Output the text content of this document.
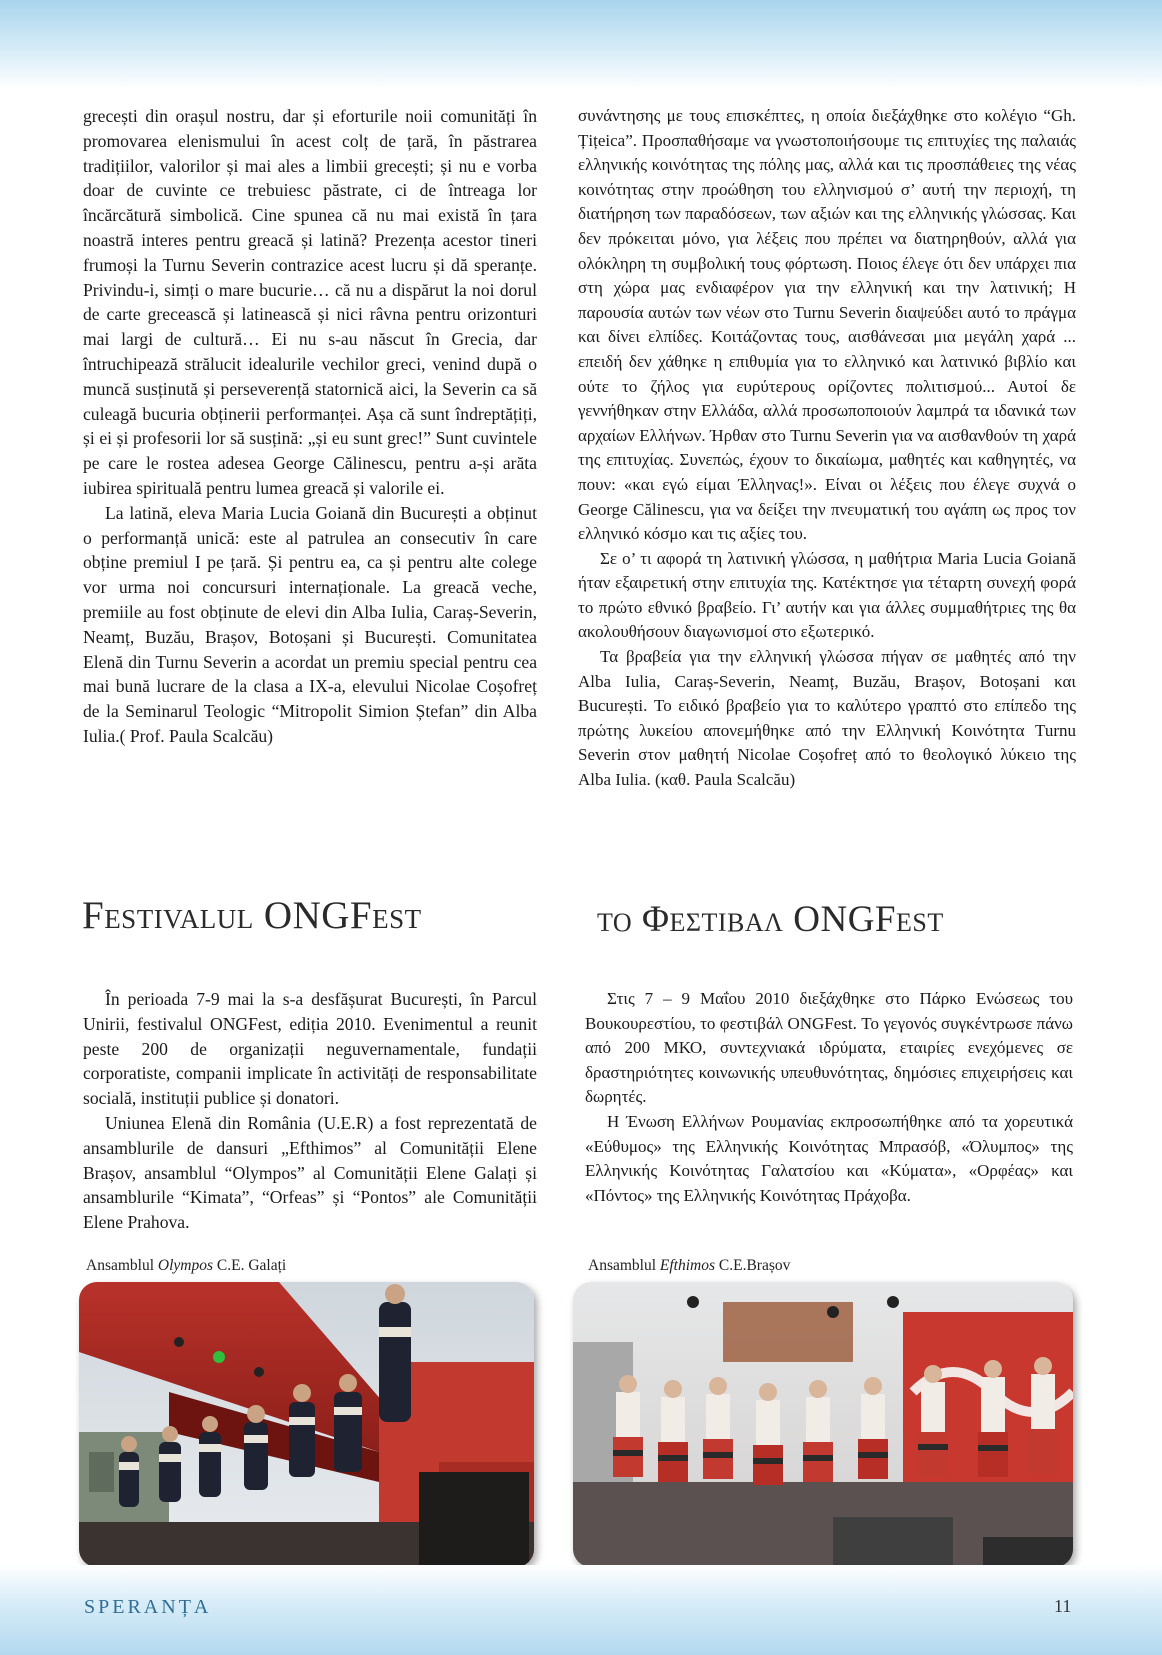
grecești din orașul nostru, dar și eforturile noii comunități în promovarea elenismului în acest colț de țară, în păstrarea tradițiilor, valorilor și mai ales a limbii grecești; și nu e vorba doar de cuvinte ce trebuiesc păstrate, ci de întreaga lor încărcătură simbolică. Cine spunea că nu mai există în țara noastră interes pentru greacă și latină? Prezența acestor tineri frumoși la Turnu Severin contrazice acest lucru și dă speranțe. Privindu-i, simți o mare bucurie… că nu a dispărut la noi dorul de carte grecească și latinească și nici râvna pentru orizonturi mai largi de cultură… Ei nu s-au născut în Grecia, dar întruchipează strălucit idealurile vechilor greci, venind după o muncă susținută și perseverență statornică aici, la Severin ca să culeagă bucuria obținerii performanței. Așa că sunt îndreptățiți, și ei și profesorii lor să susțină: „și eu sunt grec!” Sunt cuvintele pe care le rostea adesea George Călinescu, pentru a-și arăta iubirea spirituală pentru lumea greacă și valorile ei.

La latină, eleva Maria Lucia Goiană din București a obținut o performanță unică: este al patrulea an consecutiv în care obține premiul I pe țară. Și pentru ea, ca și pentru alte colege vor urma noi concursuri internaționale. La greacă veche, premiile au fost obținute de elevi din Alba Iulia, Caraș-Severin, Neamț, Buzău, Brașov, Botoșani și București. Comunitatea Elenă din Turnu Severin a acordat un premiu special pentru cea mai bună lucrare de la clasa a IX-a, elevului Nicolae Coșofreț de la Seminarul Teologic “Mitropolit Simion Ștefan” din Alba Iulia.( Prof. Paula Scalcău)

συνάντησης με τους επισκέπτες, η οποία διεξάχθηκε στο κολέγιο “Gh. Țițeica”. Προσπαθήσαμε να γνωστοποιήσουμε τις επιτυχίες της παλαιάς ελληνικής κοινότητας της πόλης μας, αλλά και τις προσπάθειες της νέας κοινότητας στην προώθηση του ελληνισμού σ’ αυτή την περιοχή, τη διατήρηση των παραδόσεων, των αξιών και της ελληνικής γλώσσας. Και δεν πρόκειται μόνο, για λέξεις που πρέπει να διατηρηθούν, αλλά για ολόκληρη τη συμβολική τους φόρτωση. Ποιος έλεγε ότι δεν υπάρχει πια στη χώρα μας ενδιαφέρον για την ελληνική και την λατινική; Η παρουσία αυτών των νέων στο Turnu Severin διαψεύδει αυτό το πράγμα και δίνει ελπίδες. Κοιτάζοντας τους, αισθάνεσαι μια μεγάλη χαρά ... επειδή δεν χάθηκε η επιθυμία για το ελληνικό και λατινικό βιβλίο και ούτε το ζήλος για ευρύτερους ορίζοντες πολιτισμού... Αυτοί δε γεννήθηκαν στην Ελλάδα, αλλά προσωποποιούν λαμπρά τα ιδανικά των αρχαίων Ελλήνων. Ήρθαν στο Turnu Severin για να αισθανθούν τη χαρά της επιτυχίας. Συνεπώς, έχουν το δικαίωμα, μαθητές και καθηγητές, να πουν: «και εγώ είμαι Έλληνας!». Είναι οι λέξεις που έλεγε συχνά ο George Călinescu, για να δείξει την πνευματική του αγάπη ως προς τον ελληνικό κόσμο και τις αξίες του.

Σε ο’ τι αφορά τη λατινική γλώσσα, η μαθήτρια Maria Lucia Goiană ήταν εξαιρετική στην επιτυχία της. Κατέκτησε για τέταρτη συνεχή φορά το πρώτο εθνικό βραβείο. Γι’ αυτήν και για άλλες συμμαθήτριες της θα ακολουθήσουν διαγωνισμοί στο εξωτερικό.

Τα βραβεία για την ελληνική γλώσσα πήγαν σε μαθητές από την Alba Iulia, Caraș-Severin, Neamț, Buzău, Brașov, Botoșani και București. Το ειδικό βραβείο για το καλύτερο γραπτό στο επίπεδο της πρώτης λυκείου απονεμήθηκε από την Ελληνική Κοινότητα Turnu Severin στον μαθητή Nicolae Coșofreț από το θεολογικό λύκειο της Alba Iulia. (καθ. Paula Scalcău)

Festivalul ONGFest	το Φεστιβαλ ONGFest

În perioada 7-9 mai la s-a desfășurat București, în Parcul Unirii, festivalul ONGFest, ediția 2010. Evenimentul a reunit peste 200 de organizații neguvernamentale, fundații corporatiste, companii implicate în activități de responsabilitate socială, instituții publice și donatori.

Uniunea Elenă din România (U.E.R) a fost reprezentată de ansamblurile de dansuri „Efthimos” al Comunității Elene Brașov, ansamblul “Olympos” al Comunității Elene Galați și ansamblurile “Kimata”, “Orfeas” și “Pontos” ale Comunității Elene Prahova.

Στις 7 – 9 Μαΐου 2010 διεξάχθηκε στο Πάρκο Ενώσεως του Βουκουρεστίου, το φεστιβάλ ONGFest. Το γεγονός συγκέντρωσε πάνω από 200 ΜΚΟ, συντεχνιακά ιδρύματα, εταιρίες ενεχόμενες σε δραστηριότητες κοινωνικής υπευθυνότητας, δημόσιες επιχειρήσεις και δωρητές.

Η Ένωση Ελλήνων Ρουμανίας εκπροσωπήθηκε από τα χορευτικά «Εύθυμος» της Ελληνικής Κοινότητας Μπρασόβ, «Όλυμπος» της Ελληνικής Κοινότητας Γαλατσίου και «Κύματα», «Ορφέας» και «Πόντος» της Ελληνικής Κοινότητας Πράχοβα.

Ansamblul Olympos C.E. Galați	Ansamblul Efthimos C.E.Brașov
SPERANȚA	11
